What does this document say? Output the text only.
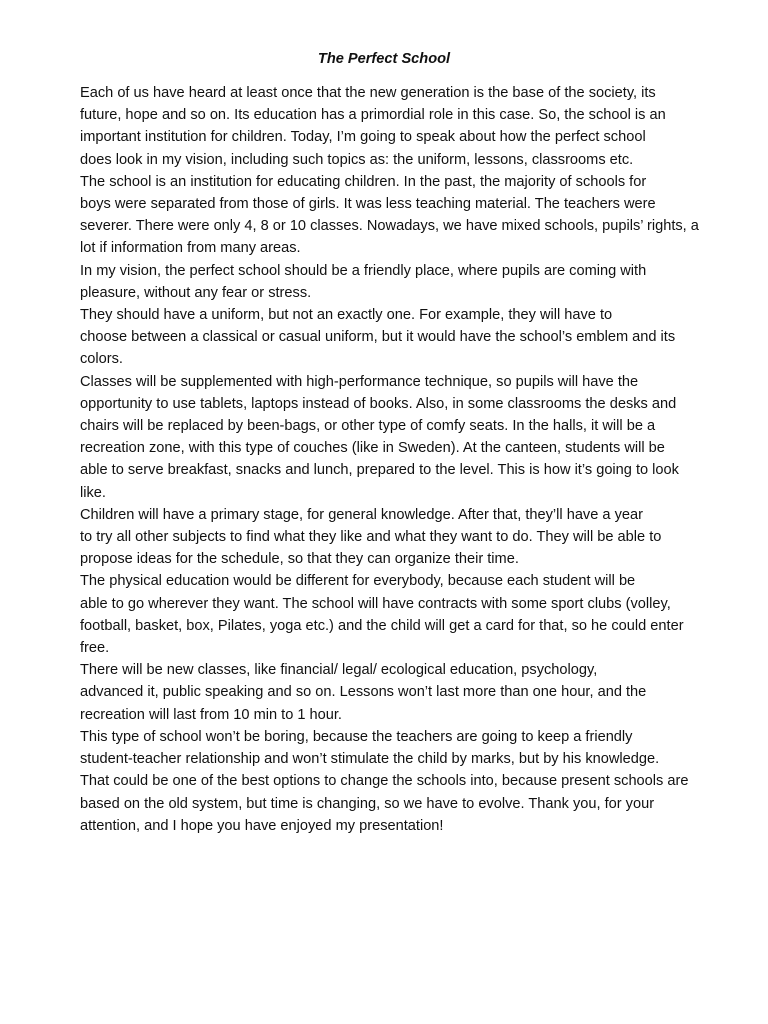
The Perfect School

Each of us have heard at least once that the new generation is the base of the society, its
future, hope and so on. Its education has a primordial role in this case. So, the school is an
important institution for children. Today, I’m going to speak about how the perfect school
does look in my vision, including such topics as: the uniform, lessons, classrooms etc.

The school is an institution for educating children. In the past, the majority of schools for
boys were separated from those of girls. It was less teaching material. The teachers were
severer. There were only 4, 8 or 10 classes. Nowadays, we have mixed schools, pupils’ rights, a
lot if information from many areas.

In my vision, the perfect school should be a friendly place, where pupils are coming with
pleasure, without any fear or stress.

They should have a uniform, but not an exactly one. For example, they will have to
choose between a classical or casual uniform, but it would have the school’s emblem and its
colors.

Classes will be supplemented with high-performance technique, so pupils will have the
opportunity to use tablets, laptops instead of books. Also, in some classrooms the desks and
chairs will be replaced by been-bags, or other type of comfy seats. In the halls, it will be a
recreation zone, with this type of couches (like in Sweden). At the canteen, students will be
able to serve breakfast, snacks and lunch, prepared to the level. This is how it’s going to look
like.

Children will have a primary stage, for general knowledge. After that, they’ll have a year
to try all other subjects to find what they like and what they want to do. They will be able to
propose ideas for the schedule, so that they can organize their time.

The physical education would be different for everybody, because each student will be
able to go wherever they want. The school will have contracts with some sport clubs (volley,
football, basket, box, Pilates, yoga etc.) and the child will get a card for that, so he could enter
free.

There will be new classes, like financial/ legal/ ecological education, psychology,
advanced it, public speaking and so on. Lessons won’t last more than one hour, and the
recreation will last from 10 min to 1 hour.

This type of school won’t be boring, because the teachers are going to keep a friendly
student-teacher relationship and won’t stimulate the child by marks, but by his knowledge.
That could be one of the best options to change the schools into, because present schools are
based on the old system, but time is changing, so we have to evolve. Thank you, for your
attention, and I hope you have enjoyed my presentation!
